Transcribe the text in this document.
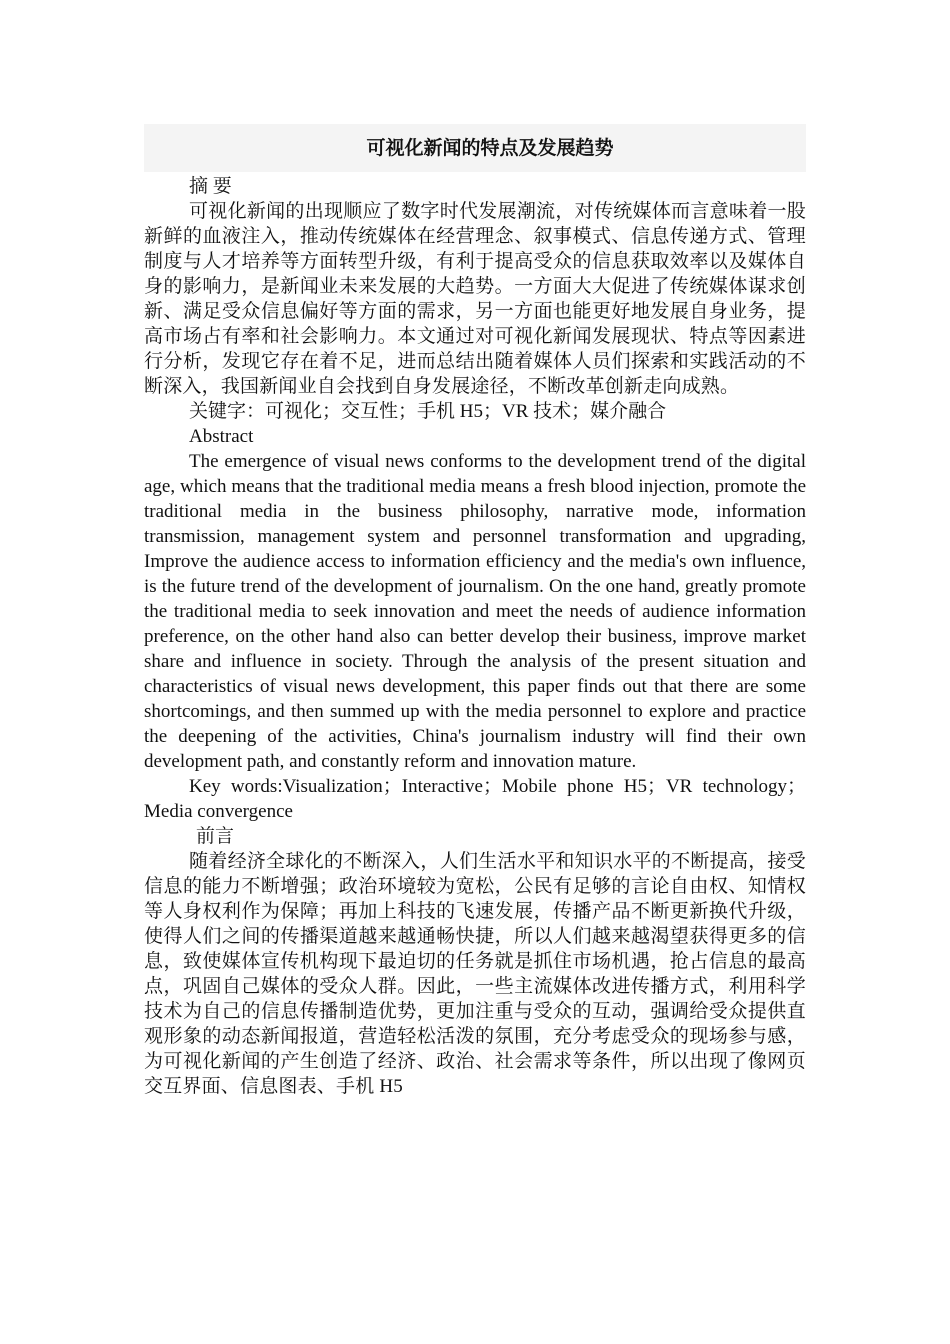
可视化新闻的特点及发展趋势
摘 要

可视化新闻的出现顺应了数字时代发展潮流，对传统媒体而言意味着一股新鲜的血液注入，推动传统媒体在经营理念、叙事模式、信息传递方式、管理制度与人才培养等方面转型升级，有利于提高受众的信息获取效率以及媒体自身的影响力，是新闻业未来发展的大趋势。一方面大大促进了传统媒体谋求创新、满足受众信息偏好等方面的需求，另一方面也能更好地发展自身业务，提高市场占有率和社会影响力。本文通过对可视化新闻发展现状、特点等因素进行分析，发现它存在着不足，进而总结出随着媒体人员们探索和实践活动的不断深入，我国新闻业自会找到自身发展途径，不断改革创新走向成熟。

关键字：可视化；交互性；手机 H5；VR 技术；媒介融合

Abstract

The emergence of visual news conforms to the development trend of the digital age, which means that the traditional media means a fresh blood injection, promote the traditional media in the business philosophy, narrative mode, information transmission, management system and personnel transformation and upgrading, Improve the audience access to information efficiency and the media's own influence, is the future trend of the development of journalism. On the one hand, greatly promote the traditional media to seek innovation and meet the needs of audience information preference, on the other hand also can better develop their business, improve market share and influence in society. Through the analysis of the present situation and characteristics of visual news development, this paper finds out that there are some shortcomings, and then summed up with the media personnel to explore and practice the deepening of the activities, China's journalism industry will find their own development path, and constantly reform and innovation mature.

Key words:Visualization；Interactive；Mobile phone H5；VR technology；Media convergence

前言

随着经济全球化的不断深入，人们生活水平和知识水平的不断提高，接受信息的能力不断增强；政治环境较为宽松，公民有足够的言论自由权、知情权等人身权利作为保障；再加上科技的飞速发展，传播产品不断更新换代升级，使得人们之间的传播渠道越来越通畅快捷，所以人们越来越渴望获得更多的信息，致使媒体宣传机构现下最迫切的任务就是抓住市场机遇，抢占信息的最高点，巩固自己媒体的受众人群。因此，一些主流媒体改进传播方式，利用科学技术为自己的信息传播制造优势，更加注重与受众的互动，强调给受众提供直观形象的动态新闻报道，营造轻松活泼的氛围，充分考虑受众的现场参与感，为可视化新闻的产生创造了经济、政治、社会需求等条件，所以出现了像网页交互界面、信息图表、手机 H5
